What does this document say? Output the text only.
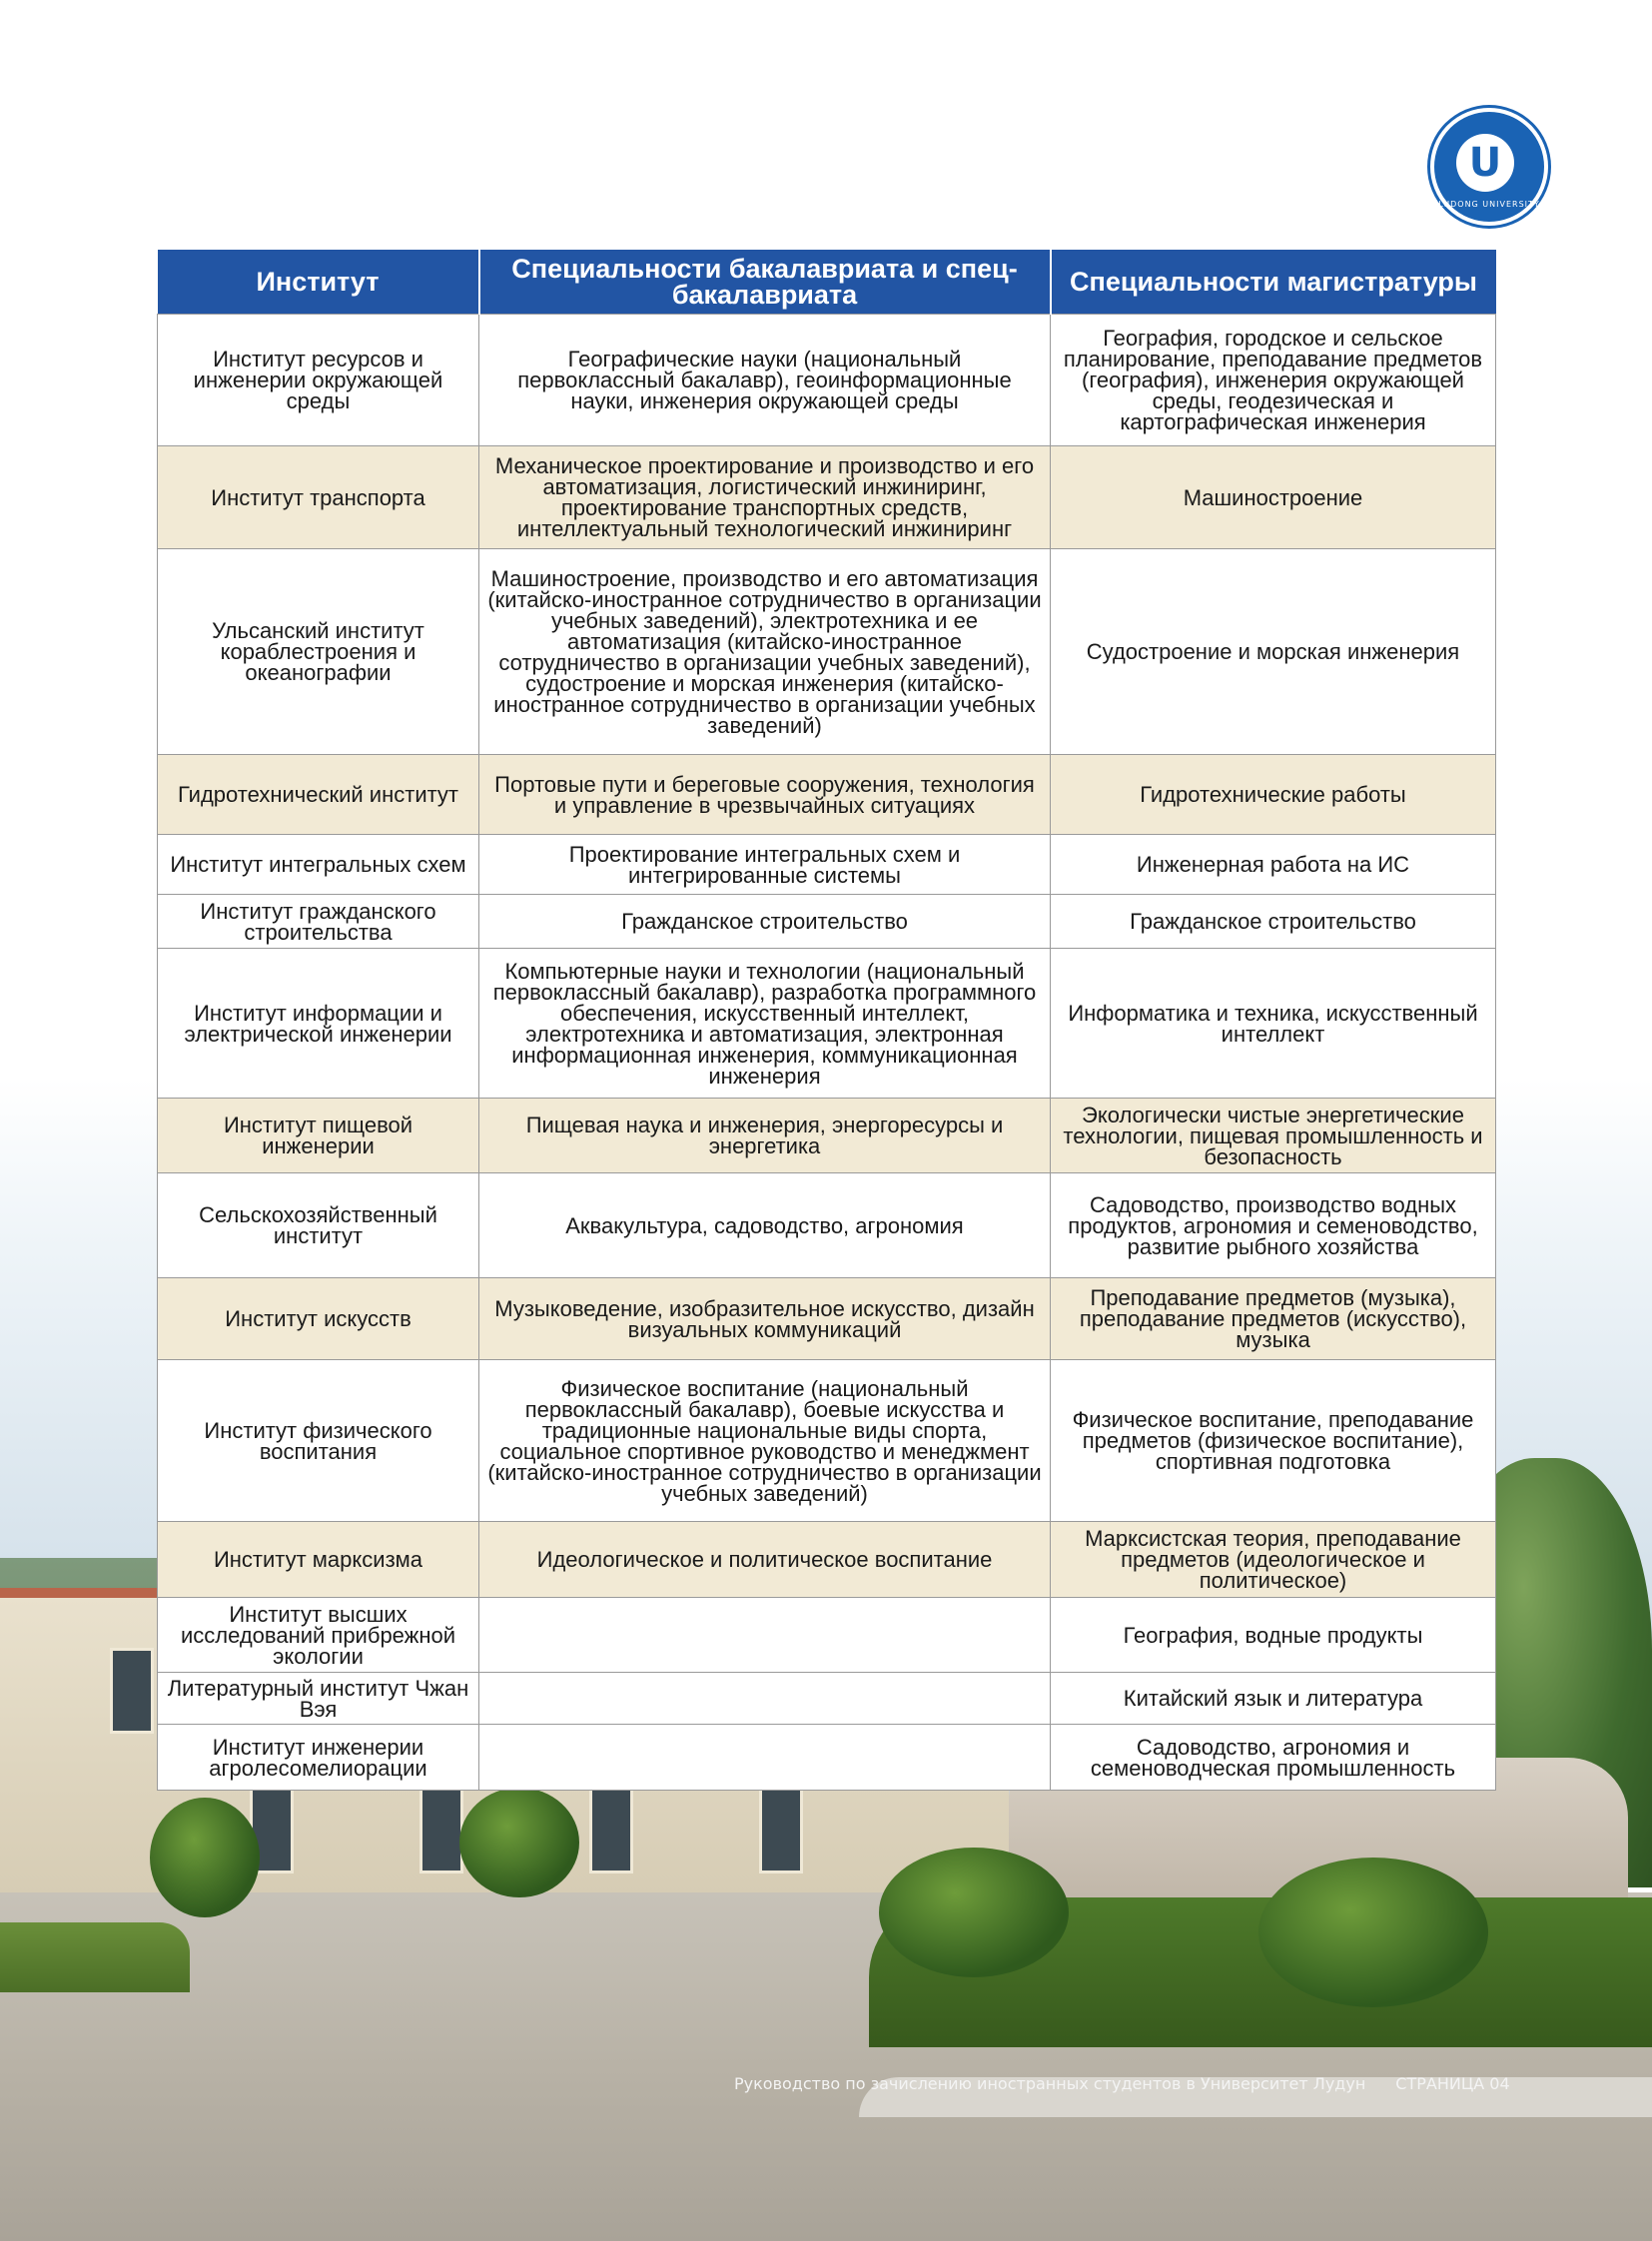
U
LUDONG UNIVERSITY
Институт	Специальности бакалавриата и спец-бакалавриата	Специальности магистратуры
Институт ресурсов и инженерии окружающей среды	Географические науки (национальный первоклассный бакалавр), геоинформационные науки, инженерия окружающей среды	География, городское и сельское планирование, преподавание предметов (география), инженерия окружающей среды, геодезическая и картографическая инженерия
Институт транспорта	Механическое проектирование и производство и его автоматизация, логистический инжиниринг, проектирование транспортных средств, интеллектуальный технологический инжиниринг	Машиностроение
Ульсанский институт кораблестроения и океанографии	Машиностроение, производство и его автоматизация (китайско-иностранное сотрудничество в организации учебных заведений), электротехника и ее автоматизация (китайско-иностранное сотрудничество в организации учебных заведений), судостроение и морская инженерия (китайско-иностранное сотрудничество в организации учебных заведений)	Судостроение и морская инженерия
Гидротехнический институт	Портовые пути и береговые сооружения, технология и управление в чрезвычайных ситуациях	Гидротехнические работы
Институт интегральных схем	Проектирование интегральных схем и интегрированные системы	Инженерная работа на ИС
Институт гражданского строительства	Гражданское строительство	Гражданское строительство
Институт информации и электрической инженерии	Компьютерные науки и технологии (национальный первоклассный бакалавр), разработка программного обеспечения, искусственный интеллект, электротехника и автоматизация, электронная информационная инженерия, коммуникационная инженерия	Информатика и техника, искусственный интеллект
Институт пищевой инженерии	Пищевая наука и инженерия, энергоресурсы и энергетика	Экологически чистые энергетические технологии, пищевая промышленность и безопасность
Сельскохозяйственный институт	Аквакультура, садоводство, агрономия	Садоводство, производство водных продуктов, агрономия и семеноводство, развитие рыбного хозяйства
Институт искусств	Музыковедение, изобразительное искусство, дизайн визуальных коммуникаций	Преподавание предметов (музыка), преподавание предметов (искусство), музыка
Институт физического воспитания	Физическое воспитание (национальный первоклассный бакалавр), боевые искусства и традиционные национальные виды спорта, социальное спортивное руководство и менеджмент (китайско-иностранное сотрудничество в организации учебных заведений)	Физическое воспитание, преподавание предметов (физическое воспитание), спортивная подготовка
Институт марксизма	Идеологическое и политическое воспитание	Марксистская теория, преподавание предметов (идеологическое и политическое)
Институт высших исследований прибрежной экологии		География, водные продукты
Литературный институт Чжан Вэя		Китайский язык и литература
Институт инженерии агролесомелиорации		Садоводство, агрономия и семеноводческая промышленность
Руководство по зачислению иностранных студентов в Университет Лудун СТРАНИЦА 04
